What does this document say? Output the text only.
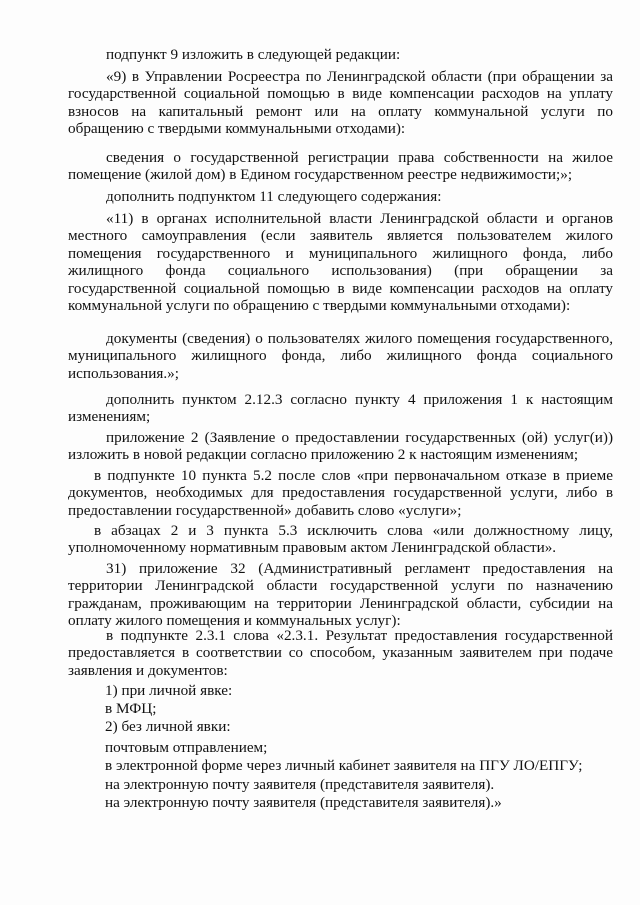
подпункт 9 изложить в следующей редакции:

«9) в Управлении Росреестра по Ленинградской области (при обращении за государственной социальной помощью в виде компенсации расходов на уплату взносов на капитальный ремонт или на оплату коммунальной услуги по обращению с твердыми коммунальными отходами):

сведения о государственной регистрации права собственности на жилое помещение (жилой дом) в Едином государственном реестре недвижимости;»;

дополнить подпунктом 11 следующего содержания:

«11) в органах исполнительной власти Ленинградской области и органов местного самоуправления (если заявитель является пользователем жилого помещения государственного и муниципального жилищного фонда, либо жилищного фонда социального использования) (при обращении за государственной социальной помощью в виде компенсации расходов на оплату коммунальной услуги по обращению с твердыми коммунальными отходами):

документы (сведения) о пользователях жилого помещения государственного, муниципального жилищного фонда, либо жилищного фонда социального использования.»;

дополнить пунктом 2.12.3 согласно пункту 4 приложения 1 к настоящим изменениям;

приложение 2 (Заявление о предоставлении государственных (ой) услуг(и)) изложить в новой редакции согласно приложению 2 к настоящим изменениям;

в подпункте 10 пункта 5.2 после слов «при первоначальном отказе в приеме документов, необходимых для предоставления государственной услуги, либо в предоставлении государственной» добавить слово «услуги»;

в абзацах 2 и 3 пункта 5.3 исключить слова «или должностному лицу, уполномоченному нормативным правовым актом Ленинградской области».

31) приложение 32 (Административный регламент предоставления на территории Ленинградской области государственной услуги по назначению гражданам, проживающим на территории Ленинградской области, субсидии на оплату жилого помещения и коммунальных услуг):

в подпункте 2.3.1 слова «2.3.1. Результат предоставления государственной предоставляется в соответствии со способом, указанным заявителем при подаче заявления и документов:

1) при личной явке:

в МФЦ;

2) без личной явки:

почтовым отправлением;

в электронной форме через личный кабинет заявителя на ПГУ ЛО/ЕПГУ;

на электронную почту заявителя (представителя заявителя).

на электронную почту заявителя (представителя заявителя).»
